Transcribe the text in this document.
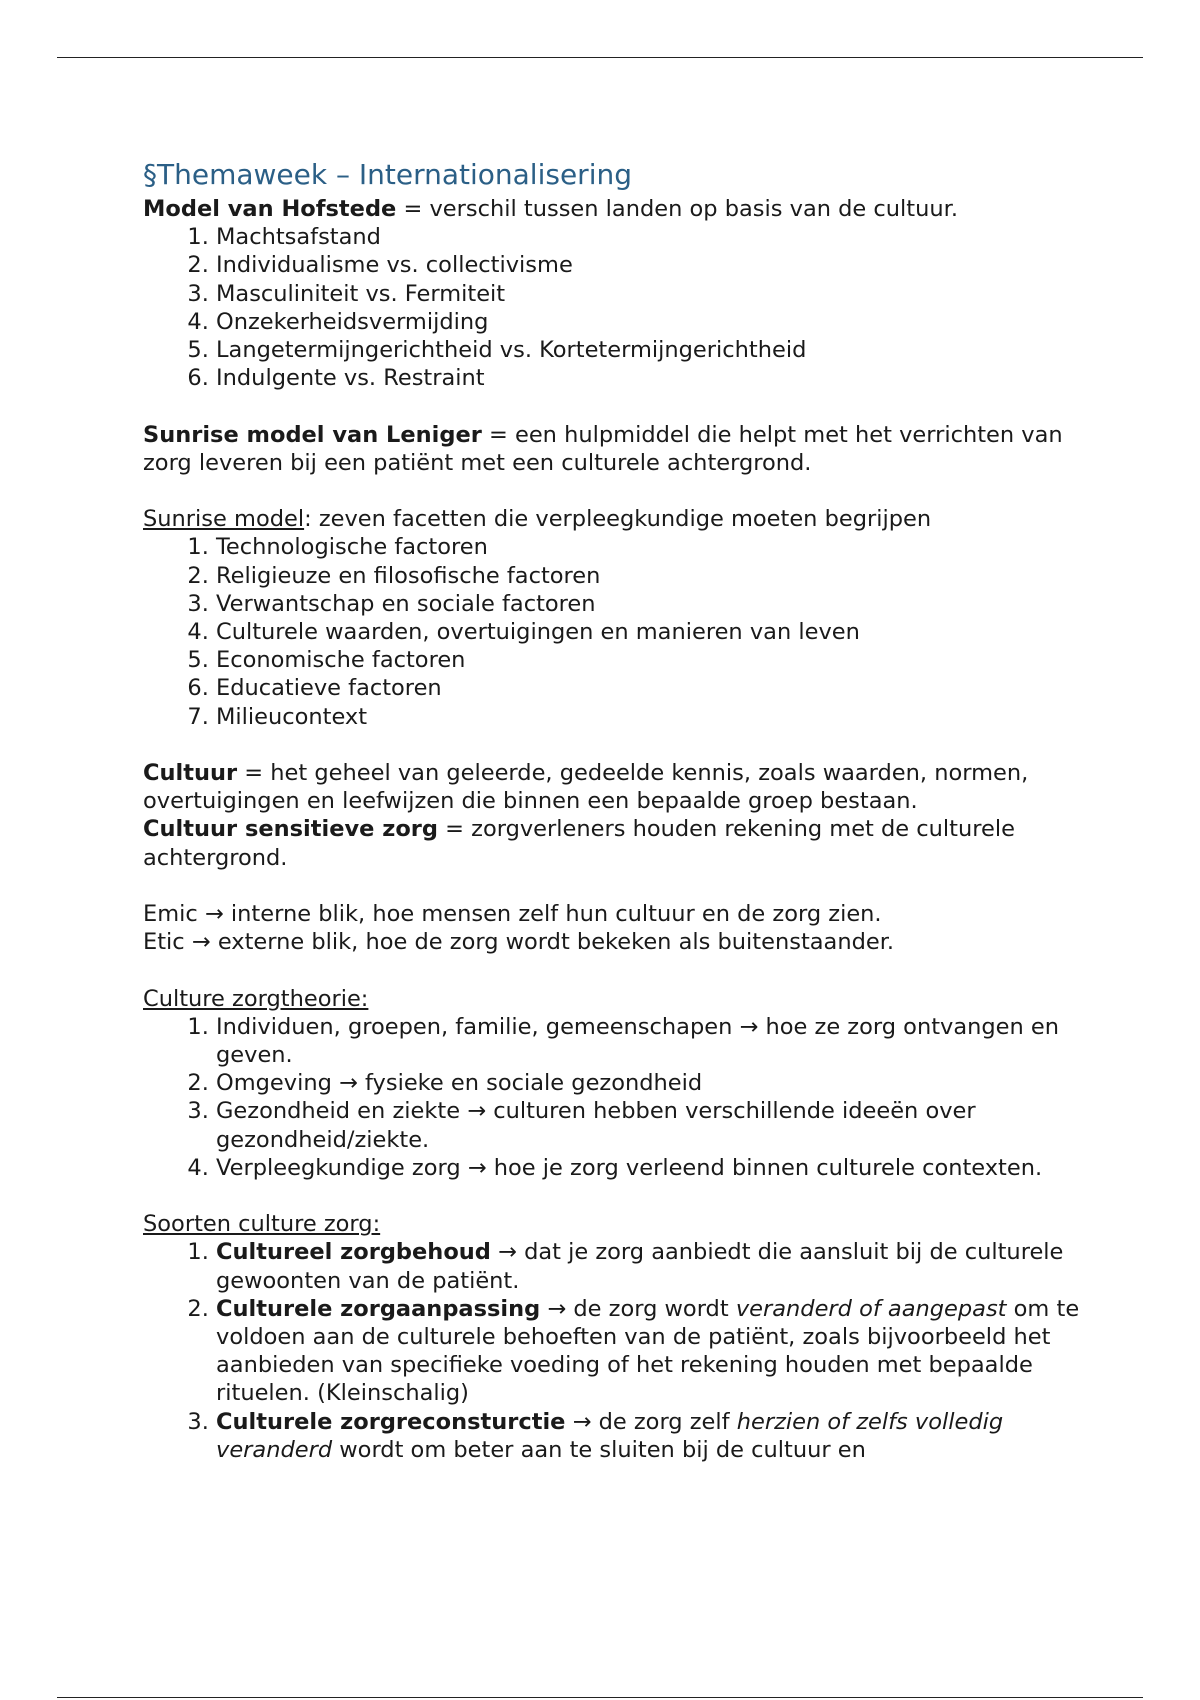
§Themaweek – Internationalisering

Model van Hofstede = verschil tussen landen op basis van de cultuur.

1. Machtsafstand
2. Individualisme vs. collectivisme
3. Masculiniteit vs. Fermiteit
4. Onzekerheidsvermijding
5. Langetermijngerichtheid vs. Kortetermijngerichtheid
6. Indulgente vs. Restraint

Sunrise model van Leniger = een hulpmiddel die helpt met het verrichten van zorg leveren bij een patiënt met een culturele achtergrond.

Sunrise model: zeven facetten die verpleegkundige moeten begrijpen

1. Technologische factoren
2. Religieuze en filosofische factoren
3. Verwantschap en sociale factoren
4. Culturele waarden, overtuigingen en manieren van leven
5. Economische factoren
6. Educatieve factoren
7. Milieucontext

Cultuur = het geheel van geleerde, gedeelde kennis, zoals waarden, normen, overtuigingen en leefwijzen die binnen een bepaalde groep bestaan.

Cultuur sensitieve zorg = zorgverleners houden rekening met de culturele achtergrond.

Emic → interne blik, hoe mensen zelf hun cultuur en de zorg zien.

Etic → externe blik, hoe de zorg wordt bekeken als buitenstaander.

Culture zorgtheorie:

1. Individuen, groepen, familie, gemeenschapen → hoe ze zorg ontvangen en geven.
2. Omgeving → fysieke en sociale gezondheid
3. Gezondheid en ziekte → culturen hebben verschillende ideeën over gezondheid/ziekte.
4. Verpleegkundige zorg → hoe je zorg verleend binnen culturele contexten.

Soorten culture zorg:

1. Cultureel zorgbehoud → dat je zorg aanbiedt die aansluit bij de culturele gewoonten van de patiënt.
2. Culturele zorgaanpassing → de zorg wordt veranderd of aangepast om te voldoen aan de culturele behoeften van de patiënt, zoals bijvoorbeeld het aanbieden van specifieke voeding of het rekening houden met bepaalde rituelen. (Kleinschalig)
3. Culturele zorgreconsturctie → de zorg zelf herzien of zelfs volledig veranderd wordt om beter aan te sluiten bij de cultuur en
